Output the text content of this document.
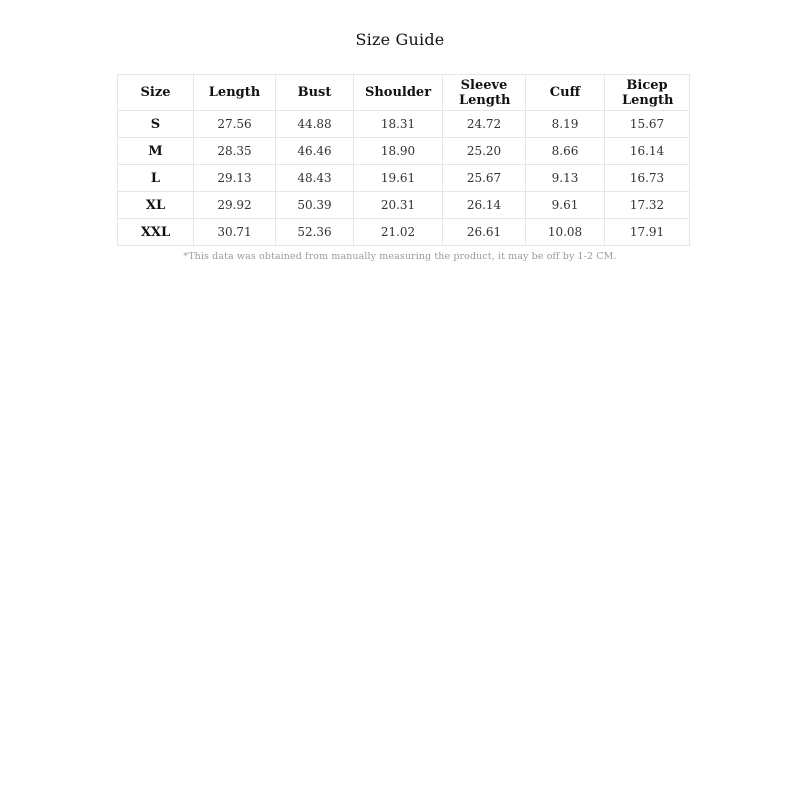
Size Guide
Size	Length	Bust	Shoulder	Sleeve Length	Cuff	Bicep Length
S	27.56	44.88	18.31	24.72	8.19	15.67
M	28.35	46.46	18.90	25.20	8.66	16.14
L	29.13	48.43	19.61	25.67	9.13	16.73
XL	29.92	50.39	20.31	26.14	9.61	17.32
XXL	30.71	52.36	21.02	26.61	10.08	17.91
*This data was obtained from manually measuring the product, it may be off by 1-2 CM.
